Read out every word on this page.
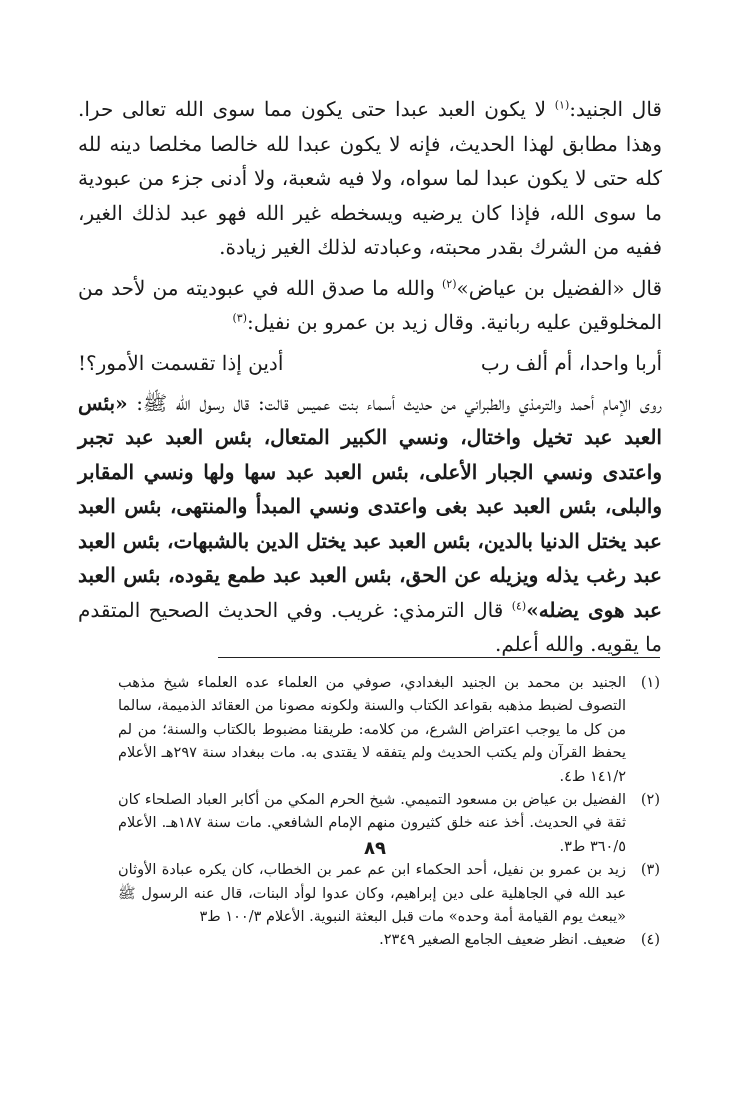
قال الجنيد:$^{(١)}$ لا يكون العبد عبدا حتى يكون مما سوى الله تعالى حرا. وهذا مطابق لهذا الحديث، فإنه لا يكون عبدا لله خالصا مخلصا دينه لله كله حتى لا يكون عبدا لما سواه، ولا فيه شعبة، ولا أدنى جزء من عبودية ما سوى الله، فإذا كان يرضيه ويسخطه غير الله فهو عبد لذلك الغير، ففيه من الشرك بقدر محبته، وعبادته لذلك الغير زيادة.

قال «الفضيل بن عياض»$^{(٢)}$ والله ما صدق الله في عبوديته من لأحد من المخلوقين عليه ربانية. وقال زيد بن عمرو بن نفيل:$^{(٣)}$

أربا واحدا، أم ألف رب
أدين إذا تقسمت الأمور؟!

روى الإمام أحمد والترمذي والطبراني من حديث أسماء بنت عميس قالت: قال رسول الله ﷺ: «بئس العبد عبد تخيل واختال، ونسي الكبير المتعال، بئس العبد عبد تجبر واعتدى ونسي الجبار الأعلى، بئس العبد عبد سها ولها ونسي المقابر والبلى، بئس العبد عبد بغى واعتدى ونسي المبدأ والمنتهى، بئس العبد عبد يختل الدنيا بالدين، بئس العبد عبد يختل الدين بالشبهات، بئس العبد عبد رغب يذله ويزيله عن الحق، بئس العبد عبد طمع يقوده، بئس العبد عبد هوى يضله»$^{(٤)}$ قال الترمذي: غريب. وفي الحديث الصحيح المتقدم ما يقويه. والله أعلم.

(١)
الجنيد بن محمد بن الجنيد البغدادي، صوفي من العلماء عده العلماء شيخ مذهب التصوف لضبط مذهبه بقواعد الكتاب والسنة ولكونه مصونا من العقائد الذميمة، سالما من كل ما يوجب اعتراض الشرع، من كلامه: طريقنا مضبوط بالكتاب والسنة؛ من لم يحفظ القرآن ولم يكتب الحديث ولم يتفقه لا يقتدى به. مات ببغداد سنة ٢٩٧هـ الأعلام ١٤١/٢ ط٤.
(٢)
الفضيل بن عياض بن مسعود التميمي. شيخ الحرم المكي من أكابر العباد الصلحاء كان ثقة في الحديث. أخذ عنه خلق كثيرون منهم الإمام الشافعي. مات سنة ١٨٧هـ. الأعلام ٣٦٠/٥ ط٣.
(٣)
زيد بن عمرو بن نفيل، أحد الحكماء ابن عم عمر بن الخطاب، كان يكره عبادة الأوثان عبد الله في الجاهلية على دين إبراهيم، وكان عدوا لوأد البنات، قال عنه الرسول ﷺ «يبعث يوم القيامة أمة وحده» مات قبل البعثة النبوية. الأعلام ١٠٠/٣ ط٣
(٤)
ضعيف. انظر ضعيف الجامع الصغير ٢٣٤٩.
٨٩
